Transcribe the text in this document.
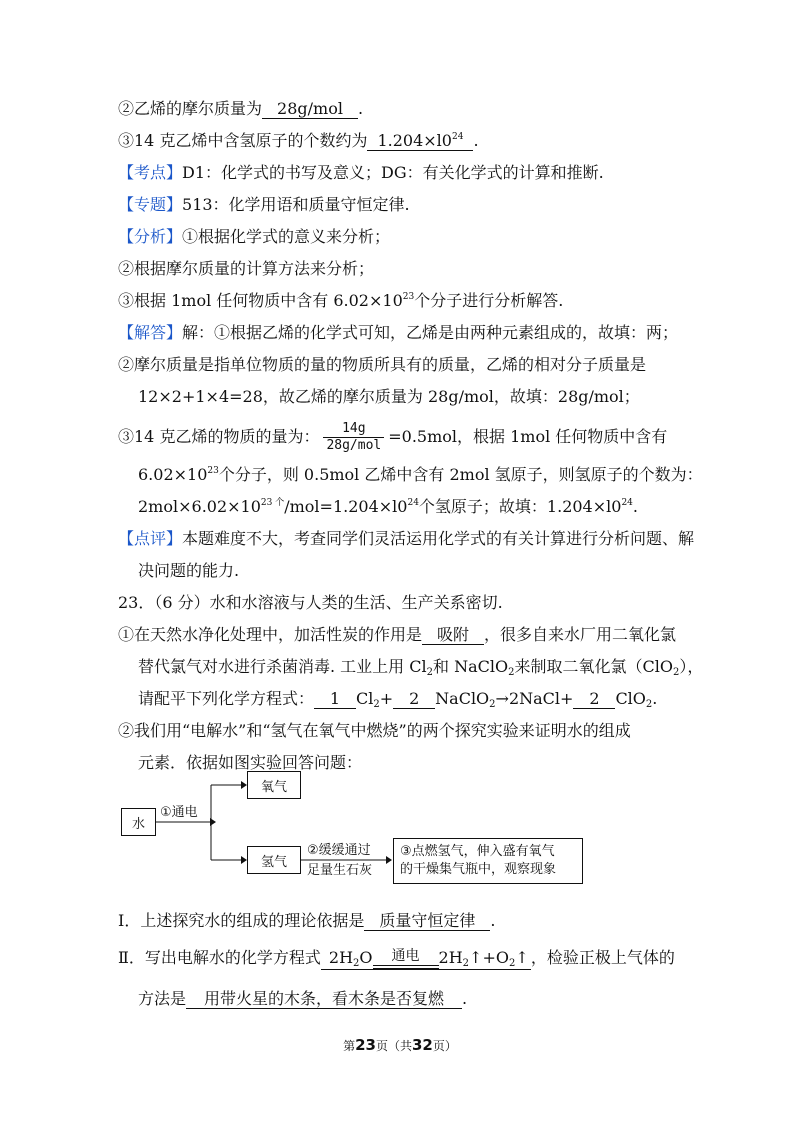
②乙烯的摩尔质量为 28g/mol .
③14 克乙烯中含氢原子的个数约为 $1.204\times l0^{24}$ .
【考点】D1：化学式的书写及意义；DG：有关化学式的计算和推断.
【专题】513：化学用语和质量守恒定律.
【分析】①根据化学式的意义来分析；
②根据摩尔质量的计算方法来分析；
③根据 1mol 任何物质中含有 $6.02\times 10^{23}$个分子进行分析解答.
【解答】解：①根据乙烯的化学式可知，乙烯是由两种元素组成的，故填：两；
②摩尔质量是指单位物质的量的物质所具有的质量，乙烯的相对分子质量是
12×2+1×4=28，故乙烯的摩尔质量为 28g/mol，故填：28g/mol；
③14 克乙烯的物质的量为： $\frac{14g}{\text{28g/mol}} =0.5mol$，根据 1mol 任何物质中含有
$6.02\times 10^{23}$个分子，则 0.5mol 乙烯中含有 2mol 氢原子，则氢原子的个数为：
$2mol\times 6.02\times 10^{23 个}/mol=1.204\times l0^{24}$个氢原子；故填：$1.204\times l0^{24}$.
【点评】本题难度不大，考查同学们灵活运用化学式的有关计算进行分析问题、解
决问题的能力.
23．（6 分）水和水溶液与人类的生活、生产关系密切.
①在天然水净化处理中，加活性炭的作用是 吸附 ，很多自来水厂用二氧化氯
替代氯气对水进行杀菌消毒. 工业上用 $Cl_2$和 NaClO$_2$来制取二氧化氯（ClO$_2$），
请配平下列化学方程式： 1 $Cl_2+ 2$ NaClO$_2$→2NaCl+ 2 ClO$_2$.
②我们用“电解水”和“氢气在氧气中燃烧”的两个探究实验来证明水的组成
元素．依据如图实验回答问题：
水
①通电
氧气
氢气
②缓缓通过
足量生石灰
③点燃氢气，伸入盛有氧气
的干燥集气瓶中，观察现象
Ⅰ．上述探究水的组成的理论依据是 质量守恒定律 .
Ⅱ．写出电解水的化学方程式 $2H_2O$	通电	$2H_2↑+O_2↑$ ，检验正极上气体的
方法是 用带火星的木条，看木条是否复燃 .
第23页（共32页）
